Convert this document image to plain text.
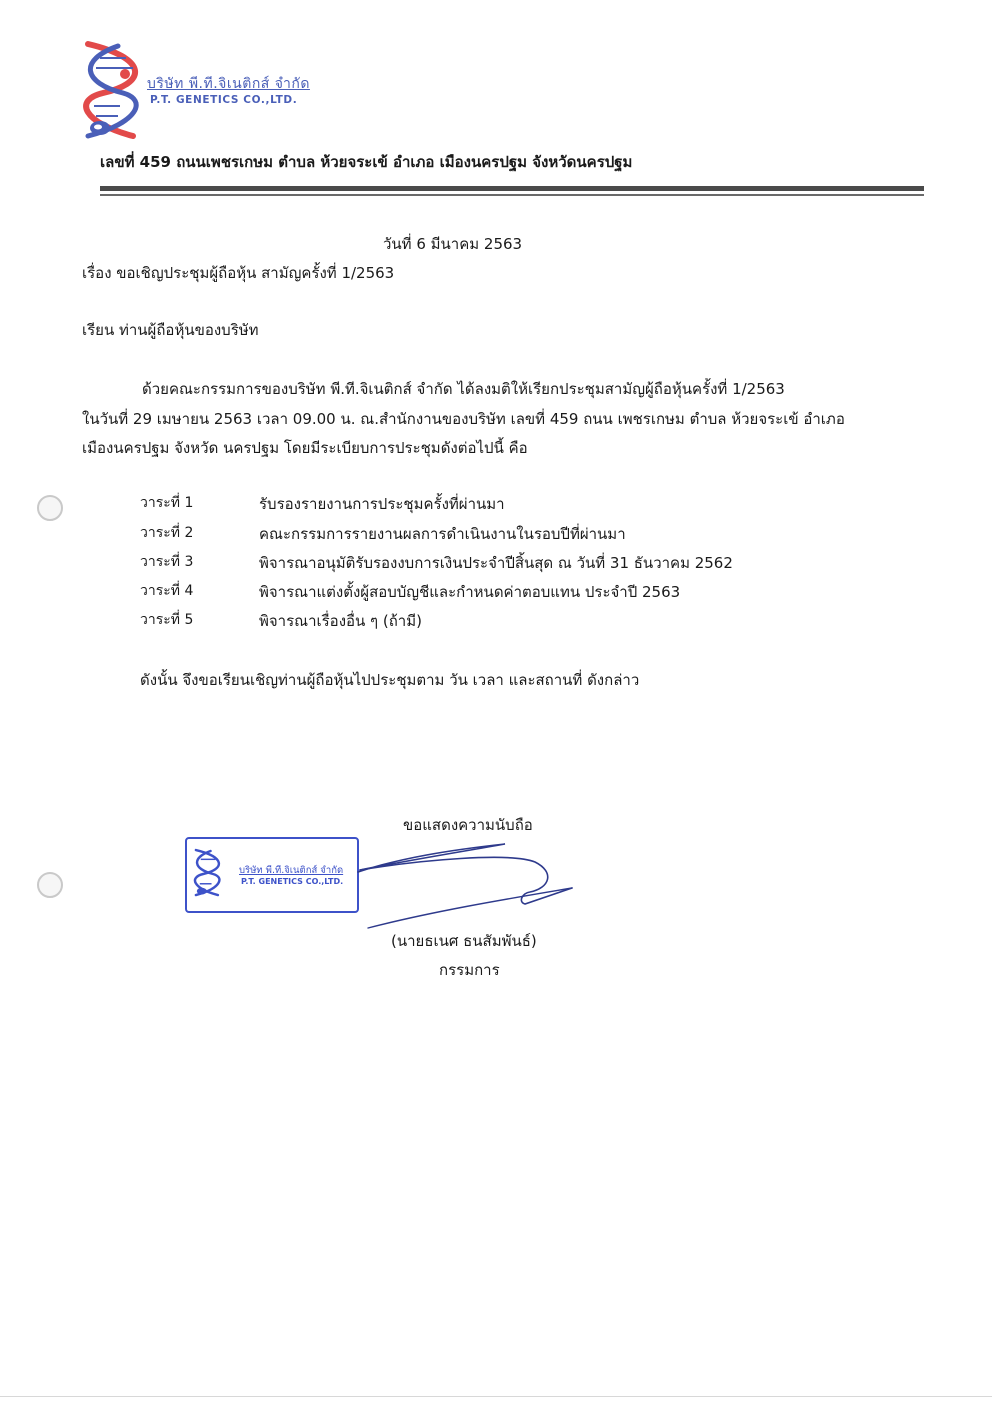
บริษัท พี.ที.จิเนติกส์ จำกัด
P.T. GENETICS CO.,LTD.
เลขที่ 459 ถนนเพชรเกษม ตำบล ห้วยจระเข้ อำเภอ เมืองนครปฐม จังหวัดนครปฐม
วันที่ 6 มีนาคม 2563
เรื่อง ขอเชิญประชุมผู้ถือหุ้น สามัญครั้งที่ 1/2563
เรียน ท่านผู้ถือหุ้นของบริษัท
ด้วยคณะกรรมการของบริษัท พี.ที.จิเนติกส์ จำกัด ได้ลงมติให้เรียกประชุมสามัญผู้ถือหุ้นครั้งที่ 1/2563
ในวันที่ 29 เมษายน 2563 เวลา 09.00 น. ณ.สำนักงานของบริษัท เลขที่ 459 ถนน เพชรเกษม ตำบล ห้วยจระเข้ อำเภอ
เมืองนครปฐม จังหวัด นครปฐม โดยมีระเบียบการประชุมดังต่อไปนี้ คือ
วาระที่ 1	รับรองรายงานการประชุมครั้งที่ผ่านมา
วาระที่ 2	คณะกรรมการรายงานผลการดำเนินงานในรอบปีที่ผ่านมา
วาระที่ 3	พิจารณาอนุมัติรับรองงบการเงินประจำปีสิ้นสุด ณ วันที่ 31 ธันวาคม 2562
วาระที่ 4	พิจารณาแต่งตั้งผู้สอบบัญชีและกำหนดค่าตอบแทน ประจำปี 2563
วาระที่ 5	พิจารณาเรื่องอื่น ๆ (ถ้ามี)
ดังนั้น จึงขอเรียนเชิญท่านผู้ถือหุ้นไปประชุมตาม วัน เวลา และสถานที่ ดังกล่าว
ขอแสดงความนับถือ
บริษัท พี.ที.จิเนติกส์ จำกัด
P.T. GENETICS CO.,LTD.
(นายธเนศ ธนสัมพันธ์)
กรรมการ
